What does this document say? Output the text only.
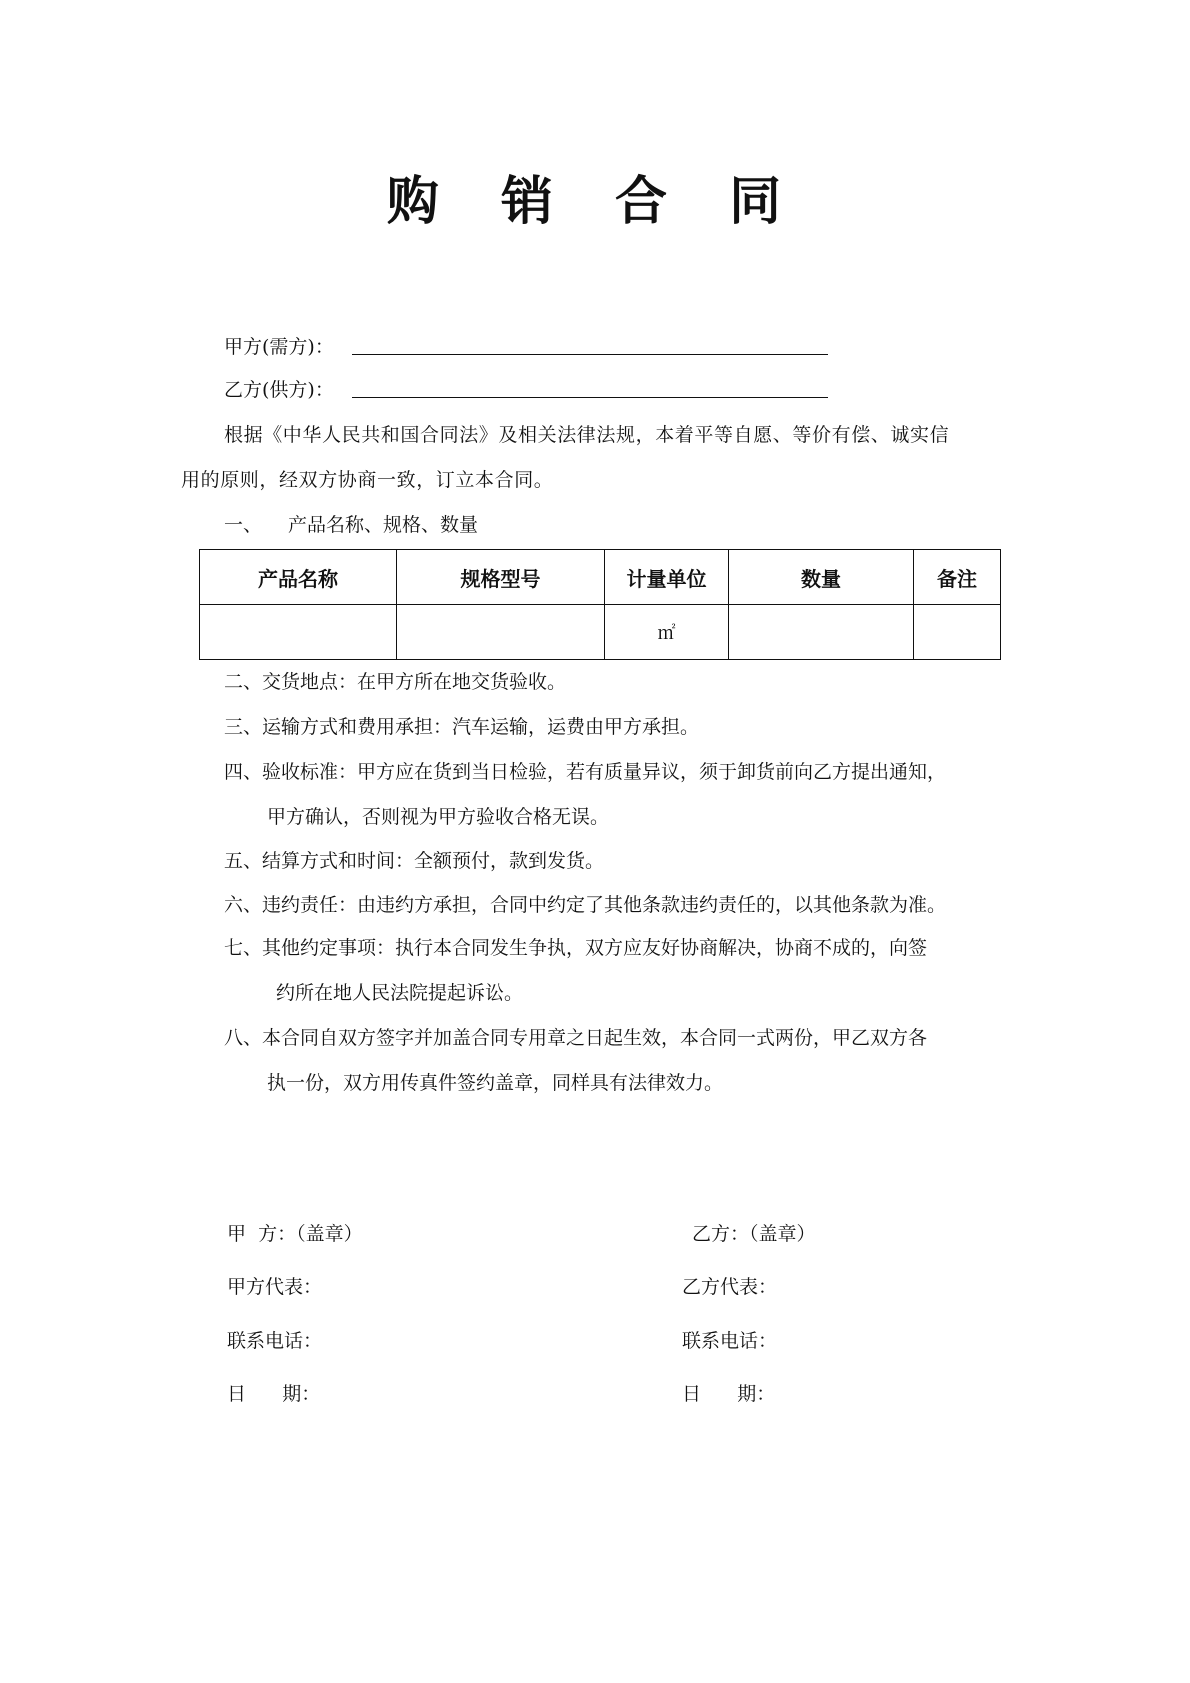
购 销 合 同
甲方(需方)：
乙方(供方)：
根据《中华人民共和国合同法》及相关法律法规，本着平等自愿、等价有偿、诚实信
用的原则，经双方协商一致，订立本合同。
一、 产品名称、规格、数量
产品名称	规格型号	计量单位	数量	备注
		㎡		
二、交货地点：在甲方所在地交货验收。
三、运输方式和费用承担：汽车运输，运费由甲方承担。
四、验收标准：甲方应在货到当日检验，若有质量异议，须于卸货前向乙方提出通知，
甲方确认，否则视为甲方验收合格无误。
五、结算方式和时间：全额预付，款到发货。
六、违约责任：由违约方承担，合同中约定了其他条款违约责任的，以其他条款为准。
七、其他约定事项：执行本合同发生争执，双方应友好协商解决，协商不成的，向签
约所在地人民法院提起诉讼。
八、本合同自双方签字并加盖合同专用章之日起生效，本合同一式两份，甲乙双方各
执一份，双方用传真件签约盖章，同样具有法律效力。
甲  方：（盖章）
甲方代表：
联系电话：
日      期：
乙方：（盖章）
乙方代表：
联系电话：
日      期：
